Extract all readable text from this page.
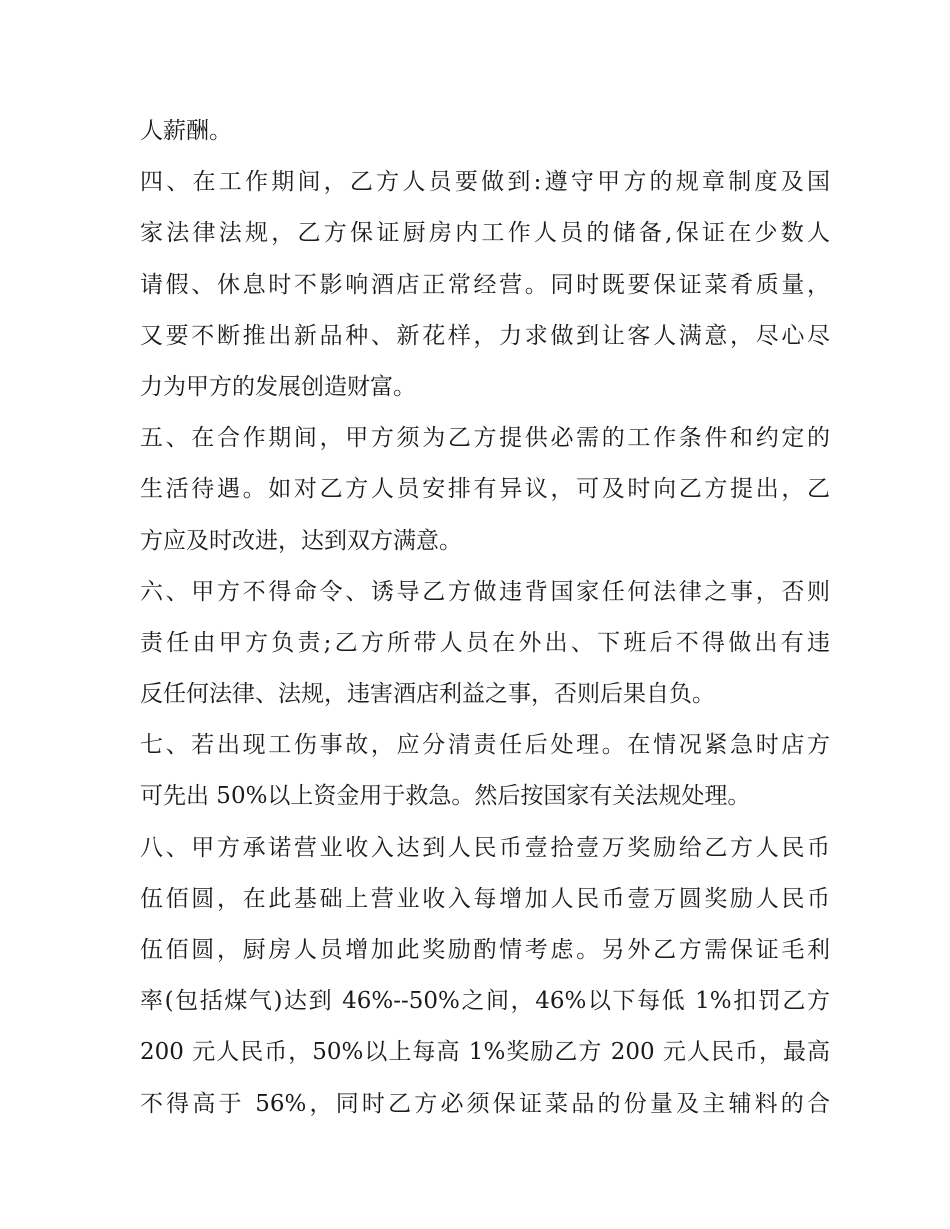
人薪酬。
四、在工作期间，乙方人员要做到:遵守甲方的规章制度及国
家法律法规，乙方保证厨房内工作人员的储备,保证在少数人
请假、休息时不影响酒店正常经营。同时既要保证菜肴质量，
又要不断推出新品种、新花样，力求做到让客人满意，尽心尽
力为甲方的发展创造财富。
五、在合作期间，甲方须为乙方提供必需的工作条件和约定的
生活待遇。如对乙方人员安排有异议，可及时向乙方提出，乙
方应及时改进，达到双方满意。
六、甲方不得命令、诱导乙方做违背国家任何法律之事，否则
责任由甲方负责;乙方所带人员在外出、下班后不得做出有违
反任何法律、法规，违害酒店利益之事，否则后果自负。
七、若出现工伤事故，应分清责任后处理。在情况紧急时店方
可先出 50%以上资金用于救急。然后按国家有关法规处理。
八、甲方承诺营业收入达到人民币壹拾壹万奖励给乙方人民币
伍佰圆，在此基础上营业收入每增加人民币壹万圆奖励人民币
伍佰圆，厨房人员增加此奖励酌情考虑。另外乙方需保证毛利
率(包括煤气)达到 46%--50%之间，46%以下每低 1%扣罚乙方
200 元人民币，50%以上每高 1%奖励乙方 200 元人民币，最高
不得高于 56%，同时乙方必须保证菜品的份量及主辅料的合
